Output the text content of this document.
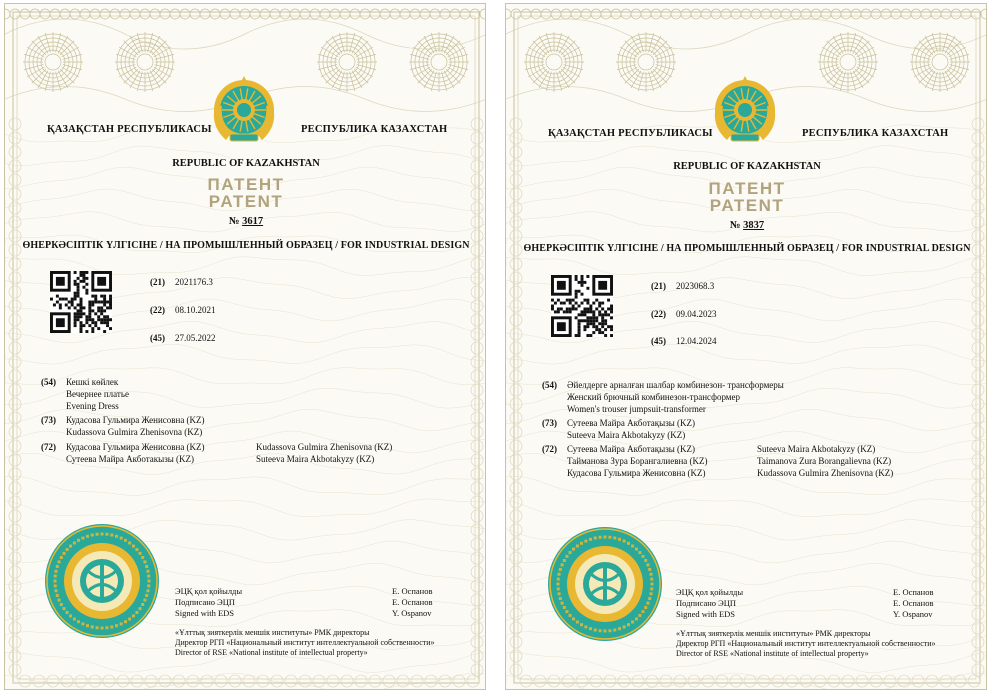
ҚАЗАҚСТАН РЕСПУБЛИКАСЫ	РЕСПУБЛИКА КАЗАХСТАН
REPUBLIC OF KAZAKHSTAN
ПАТЕНТ
PATENT
№ 3617
ӨНЕРКӘСІПТІК ҮЛГІСІНЕ / НА ПРОМЫШЛЕННЫЙ ОБРАЗЕЦ / FOR INDUSTRIAL DESIGN
(21) 2021176.3
(22) 08.10.2021
(45) 27.05.2022
(54) Кешкі көйлек
Вечернее платье
Evening Dress
(73) Кудасова Гульмира Женисовна (KZ)
Kudassova Gulmira Zhenisovna (KZ)
(72) Кудасова Гульмира Женисовна (KZ)
Сутеева Майра Акботакызы (KZ)
Kudassova Gulmira Zhenisovna (KZ)
Suteeva Maira Akbotakyzy (KZ)
ЭЦҚ қол қойылды
Подписано ЭЦП
Signed with EDS
Е. Оспанов
Е. Оспанов
Y. Ospanov
«Ұлттық зияткерлік меншік институты» РМК директоры
Директор РГП «Национальный институт интеллектуальной собственности»
Director of RSE «National institute of intellectual property»
ҚАЗАҚСТАН РЕСПУБЛИКАСЫ	РЕСПУБЛИКА КАЗАХСТАН
REPUBLIC OF KAZAKHSTAN
ПАТЕНТ
PATENT
№ 3837
ӨНЕРКӘСІПТІК ҮЛГІСІНЕ / НА ПРОМЫШЛЕННЫЙ ОБРАЗЕЦ / FOR INDUSTRIAL DESIGN
(21) 2023068.3
(22) 09.04.2023
(45) 12.04.2024
(54) Әйелдерге арналған шалбар комбинезон- трансформеры
Женский брючный комбинезон-трансформер
Women's trouser jumpsuit-transformer
(73) Сутеева Майра Акботақызы (KZ)
Suteeva Maira Akbotakyzy (KZ)
(72) Сутеева Майра Акботақызы (KZ)
Тайманова Зура Борангалиевна (KZ)
Кудасова Гульмира Женисовна (KZ)
Suteeva Maira Akbotakyzy (KZ)
Taimanova Zura Borangalievna (KZ)
Kudassova Gulmira Zhenisovna (KZ)
ЭЦҚ қол қойылды
Подписано ЭЦП
Signed with EDS
Е. Оспанов
Е. Оспанов
Y. Ospanov
«Ұлттық зияткерлік меншік институты» РМК директоры
Директор РГП «Национальный институт интеллектуальной собственности»
Director of RSE «National institute of intellectual property»
